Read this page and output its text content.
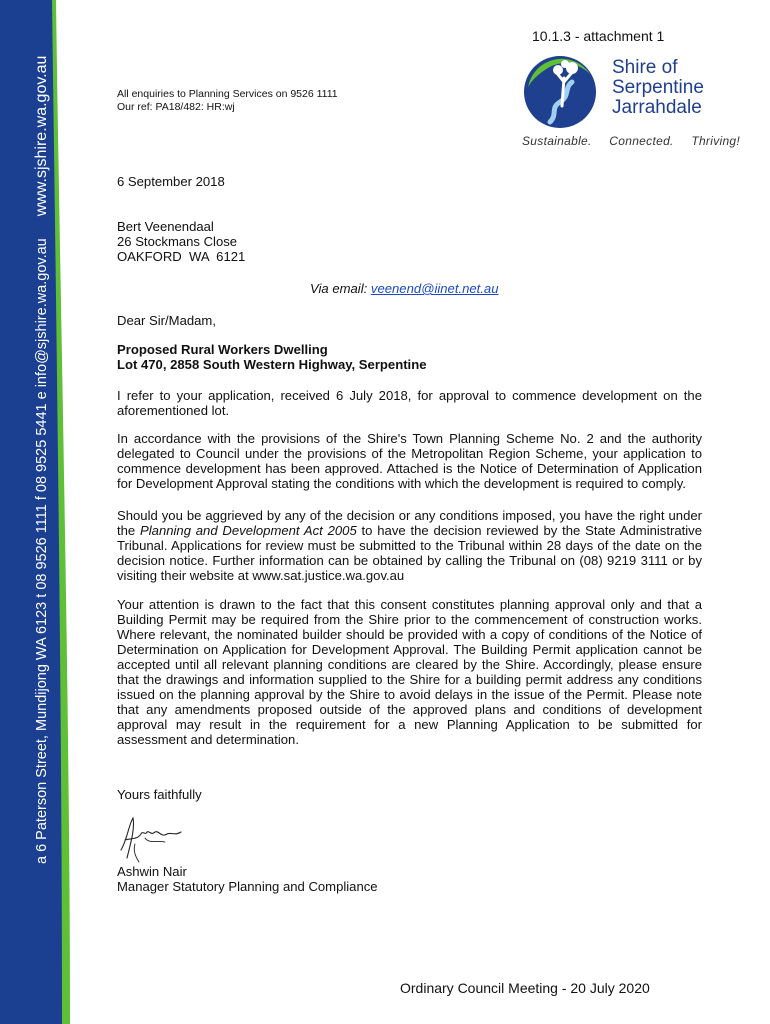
a 6 Paterson Street, Mundijong WA 6123 t 08 9526 1111 f 08 9525 5441 e info@sjshire.wa.gov.au
www.sjshire.wa.gov.au
10.1.3 - attachment 1
All enquiries to Planning Services on 9526 1111
Our ref: PA18/482: HR:wj
Shire of
Serpentine
Jarrahdale
Sustainable. Connected. Thriving!
6 September 2018
Bert Veenendaal
26 Stockmans Close
OAKFORD  WA  6121
Via email: veenend@iinet.net.au
Dear Sir/Madam,
Proposed Rural Workers Dwelling
Lot 470, 2858 South Western Highway, Serpentine

I refer to your application, received 6 July 2018, for approval to commence development on the aforementioned lot.

In accordance with the provisions of the Shire's Town Planning Scheme No. 2 and the authority delegated to Council under the provisions of the Metropolitan Region Scheme, your application to commence development has been approved. Attached is the Notice of Determination of Application for Development Approval stating the conditions with which the development is required to comply.

Should you be aggrieved by any of the decision or any conditions imposed, you have the right under the Planning and Development Act 2005 to have the decision reviewed by the State Administrative Tribunal. Applications for review must be submitted to the Tribunal within 28 days of the date on the decision notice. Further information can be obtained by calling the Tribunal on (08) 9219 3111 or by visiting their website at www.sat.justice.wa.gov.au

Your attention is drawn to the fact that this consent constitutes planning approval only and that a Building Permit may be required from the Shire prior to the commencement of construction works. Where relevant, the nominated builder should be provided with a copy of conditions of the Notice of Determination on Application for Development Approval. The Building Permit application cannot be accepted until all relevant planning conditions are cleared by the Shire. Accordingly, please ensure that the drawings and information supplied to the Shire for a building permit address any conditions issued on the planning approval by the Shire to avoid delays in the issue of the Permit. Please note that any amendments proposed outside of the approved plans and conditions of development approval may result in the requirement for a new Planning Application to be submitted for assessment and determination.

Yours faithfully
Ashwin Nair
Manager Statutory Planning and Compliance
Ordinary Council Meeting - 20 July 2020
